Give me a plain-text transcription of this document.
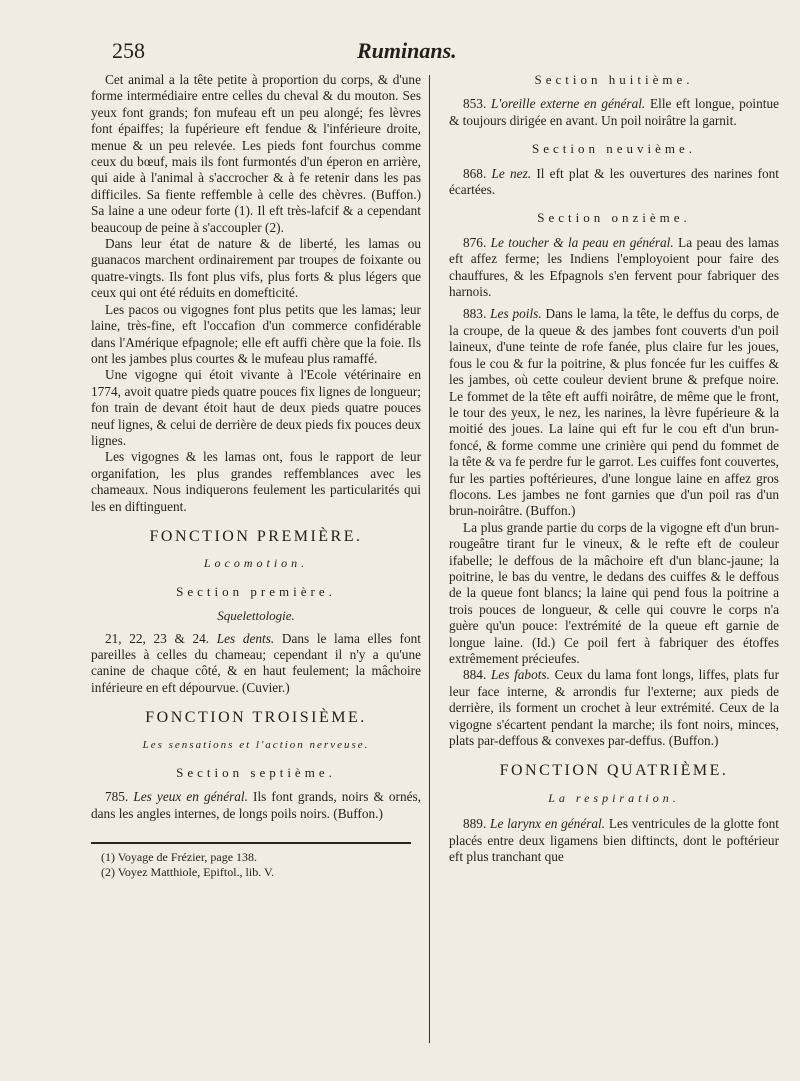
258	Ruminans.

Cet animal a la tête petite à proportion du corps, & d'une forme intermédiaire entre celles du cheval & du mouton. Ses yeux font grands; fon mufeau eft un peu alongé; fes lèvres font épaiffes; la fupérieure eft fendue & l'inférieure droite, menue & un peu relevée. Les pieds font fourchus comme ceux du bœuf, mais ils font furmontés d'un éperon en arrière, qui aide à l'animal à s'accrocher & à fe retenir dans les pas difficiles. Sa fiente reffemble à celle des chèvres. (Buffon.) Sa laine a une odeur forte (1). Il eft très-lafcif & a cependant beaucoup de peine à s'accoupler (2).

Dans leur état de nature & de liberté, les lamas ou guanacos marchent ordinairement par troupes de foixante ou quatre-vingts. Ils font plus vifs, plus forts & plus légers que ceux qui ont été réduits en domefticité.

Les pacos ou vigognes font plus petits que les lamas; leur laine, très-fine, eft l'occafion d'un commerce confidérable dans l'Amérique efpagnole; elle eft auffi chère que la foie. Ils ont les jambes plus courtes & le mufeau plus ramaffé.

Une vigogne qui étoit vivante à l'Ecole vétérinaire en 1774, avoit quatre pieds quatre pouces fix lignes de longueur; fon train de devant étoit haut de deux pieds quatre pouces neuf lignes, & celui de derrière de deux pieds fix pouces deux lignes.

Les vigognes & les lamas ont, fous le rapport de leur organifation, les plus grandes reffemblances avec les chameaux. Nous indiquerons feulement les particularités qui les en diftinguent.

FONCTION PREMIÈRE.
Locomotion.
Section première.
Squelettologie.

21, 22, 23 & 24. Les dents. Dans le lama elles font pareilles à celles du chameau; cependant il n'y a qu'une canine de chaque côté, & en haut feulement; la mâchoire inférieure en eft dépourvue. (Cuvier.)

FONCTION TROISIÈME.
Les sensations et l'action nerveuse.
Section septième.

785. Les yeux en général. Ils font grands, noirs & ornés, dans les angles internes, de longs poils noirs. (Buffon.)

(1) Voyage de Frézier, page 138.

(2) Voyez Matthiole, Epiftol., lib. V.

Section huitième.

853. L'oreille externe en général. Elle eft longue, pointue & toujours dirigée en avant. Un poil noirâtre la garnit.

Section neuvième.

868. Le nez. Il eft plat & les ouvertures des narines font écartées.

Section onzième.

876. Le toucher & la peau en général. La peau des lamas eft affez ferme; les Indiens l'employoient pour faire des chauffures, & les Efpagnols s'en fervent pour fabriquer des harnois.

883. Les poils. Dans le lama, la tête, le deffus du corps, de la croupe, de la queue & des jambes font couverts d'un poil laineux, d'une teinte de rofe fanée, plus claire fur les joues, fous le cou & fur la poitrine, & plus foncée fur les cuiffes & les jambes, où cette couleur devient brune & prefque noire. Le fommet de la tête eft auffi noirâtre, de même que le front, le tour des yeux, le nez, les narines, la lèvre fupérieure & la moitié des joues. La laine qui eft fur le cou eft d'un brun-foncé, & forme comme une crinière qui pend du fommet de la tête & va fe perdre fur le garrot. Les cuiffes font couvertes, fur les parties poftérieures, d'une longue laine en affez gros flocons. Les jambes ne font garnies que d'un poil ras d'un brun-noirâtre. (Buffon.)

La plus grande partie du corps de la vigogne eft d'un brun-rougeâtre tirant fur le vineux, & le refte eft de couleur ifabelle; le deffous de la mâchoire eft d'un blanc-jaune; la poitrine, le bas du ventre, le dedans des cuiffes & le deffous de la queue font blancs; la laine qui pend fous la poitrine a trois pouces de longueur, & celle qui couvre le corps n'a guère qu'un pouce: l'extrémité de la queue eft garnie de longue laine. (Id.) Ce poil fert à fabriquer des étoffes extrêmement précieufes.

884. Les fabots. Ceux du lama font longs, liffes, plats fur leur face interne, & arrondis fur l'externe; aux pieds de derrière, ils forment un crochet à leur extrémité. Ceux de la vigogne s'écartent pendant la marche; ils font noirs, minces, plats par-deffous & convexes par-deffus. (Buffon.)

FONCTION QUATRIÈME.
La respiration.

889. Le larynx en général. Les ventricules de la glotte font placés entre deux ligamens bien diftincts, dont le poftérieur eft plus tranchant que
